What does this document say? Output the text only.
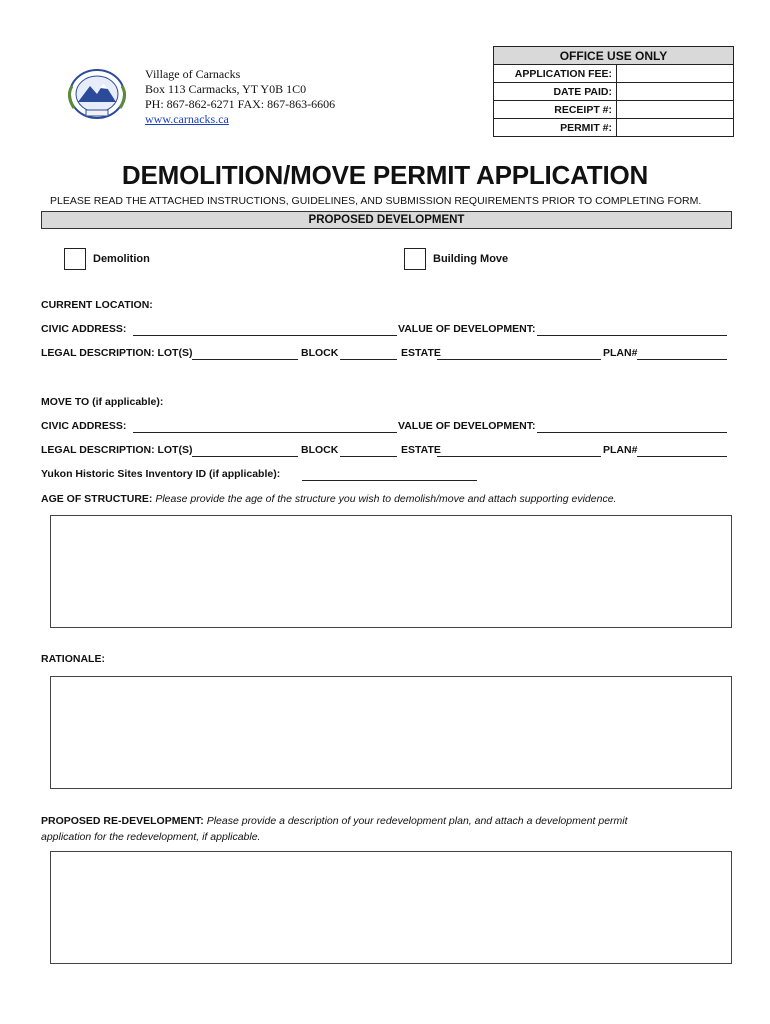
Village of Carnacks
Box 113 Carmacks, YT Y0B 1C0
PH: 867-862-6271 FAX: 867-863-6606
www.carnacks.ca
OFFICE USE ONLY	
APPLICATION FEE:	
DATE PAID:	
RECEIPT #:	
PERMIT #:	
DEMOLITION/MOVE PERMIT APPLICATION
PLEASE READ THE ATTACHED INSTRUCTIONS, GUIDELINES, AND SUBMISSION REQUIREMENTS PRIOR TO COMPLETING FORM.
PROPOSED DEVELOPMENT
Demolition	Building Move
CURRENT LOCATION:
CIVIC ADDRESS:	VALUE OF DEVELOPMENT:
LEGAL DESCRIPTION: LOT(S)	BLOCK	ESTATE	PLAN#
MOVE TO (if applicable):
CIVIC ADDRESS:	VALUE OF DEVELOPMENT:
LEGAL DESCRIPTION: LOT(S)	BLOCK	ESTATE	PLAN#
Yukon Historic Sites Inventory ID (if applicable):
AGE OF STRUCTURE: Please provide the age of the structure you wish to demolish/move and attach supporting evidence.
RATIONALE:
PROPOSED RE-DEVELOPMENT: Please provide a description of your redevelopment plan, and attach a development permit
application for the redevelopment, if applicable.
